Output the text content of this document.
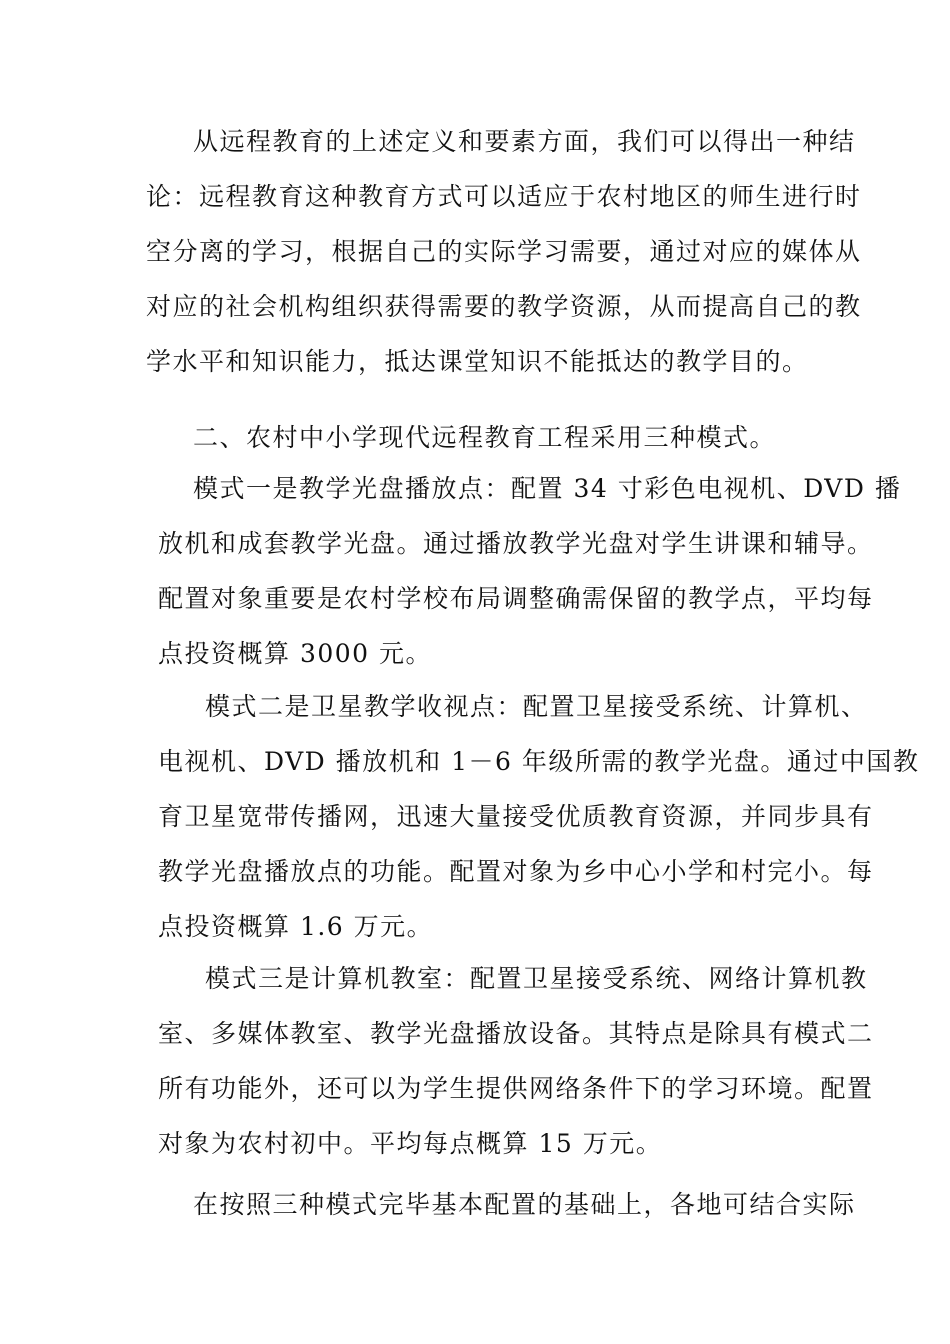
从远程教育的上述定义和要素方面，我们可以得出一种结
论：远程教育这种教育方式可以适应于农村地区的师生进行时
空分离的学习，根据自己的实际学习需要，通过对应的媒体从
对应的社会机构组织获得需要的教学资源，从而提高自己的教
学水平和知识能力，抵达课堂知识不能抵达的教学目的。
二、农村中小学现代远程教育工程采用三种模式。
模式一是教学光盘播放点：配置 34 寸彩色电视机、DVD 播
放机和成套教学光盘。通过播放教学光盘对学生讲课和辅导。
配置对象重要是农村学校布局调整确需保留的教学点，平均每
点投资概算 3000 元。
模式二是卫星教学收视点：配置卫星接受系统、计算机、
电视机、DVD 播放机和 1－6 年级所需的教学光盘。通过中国教
育卫星宽带传播网，迅速大量接受优质教育资源，并同步具有
教学光盘播放点的功能。配置对象为乡中心小学和村完小。每
点投资概算 1.6 万元。
模式三是计算机教室：配置卫星接受系统、网络计算机教
室、多媒体教室、教学光盘播放设备。其特点是除具有模式二
所有功能外，还可以为学生提供网络条件下的学习环境。配置
对象为农村初中。平均每点概算 15 万元。
在按照三种模式完毕基本配置的基础上，各地可结合实际
